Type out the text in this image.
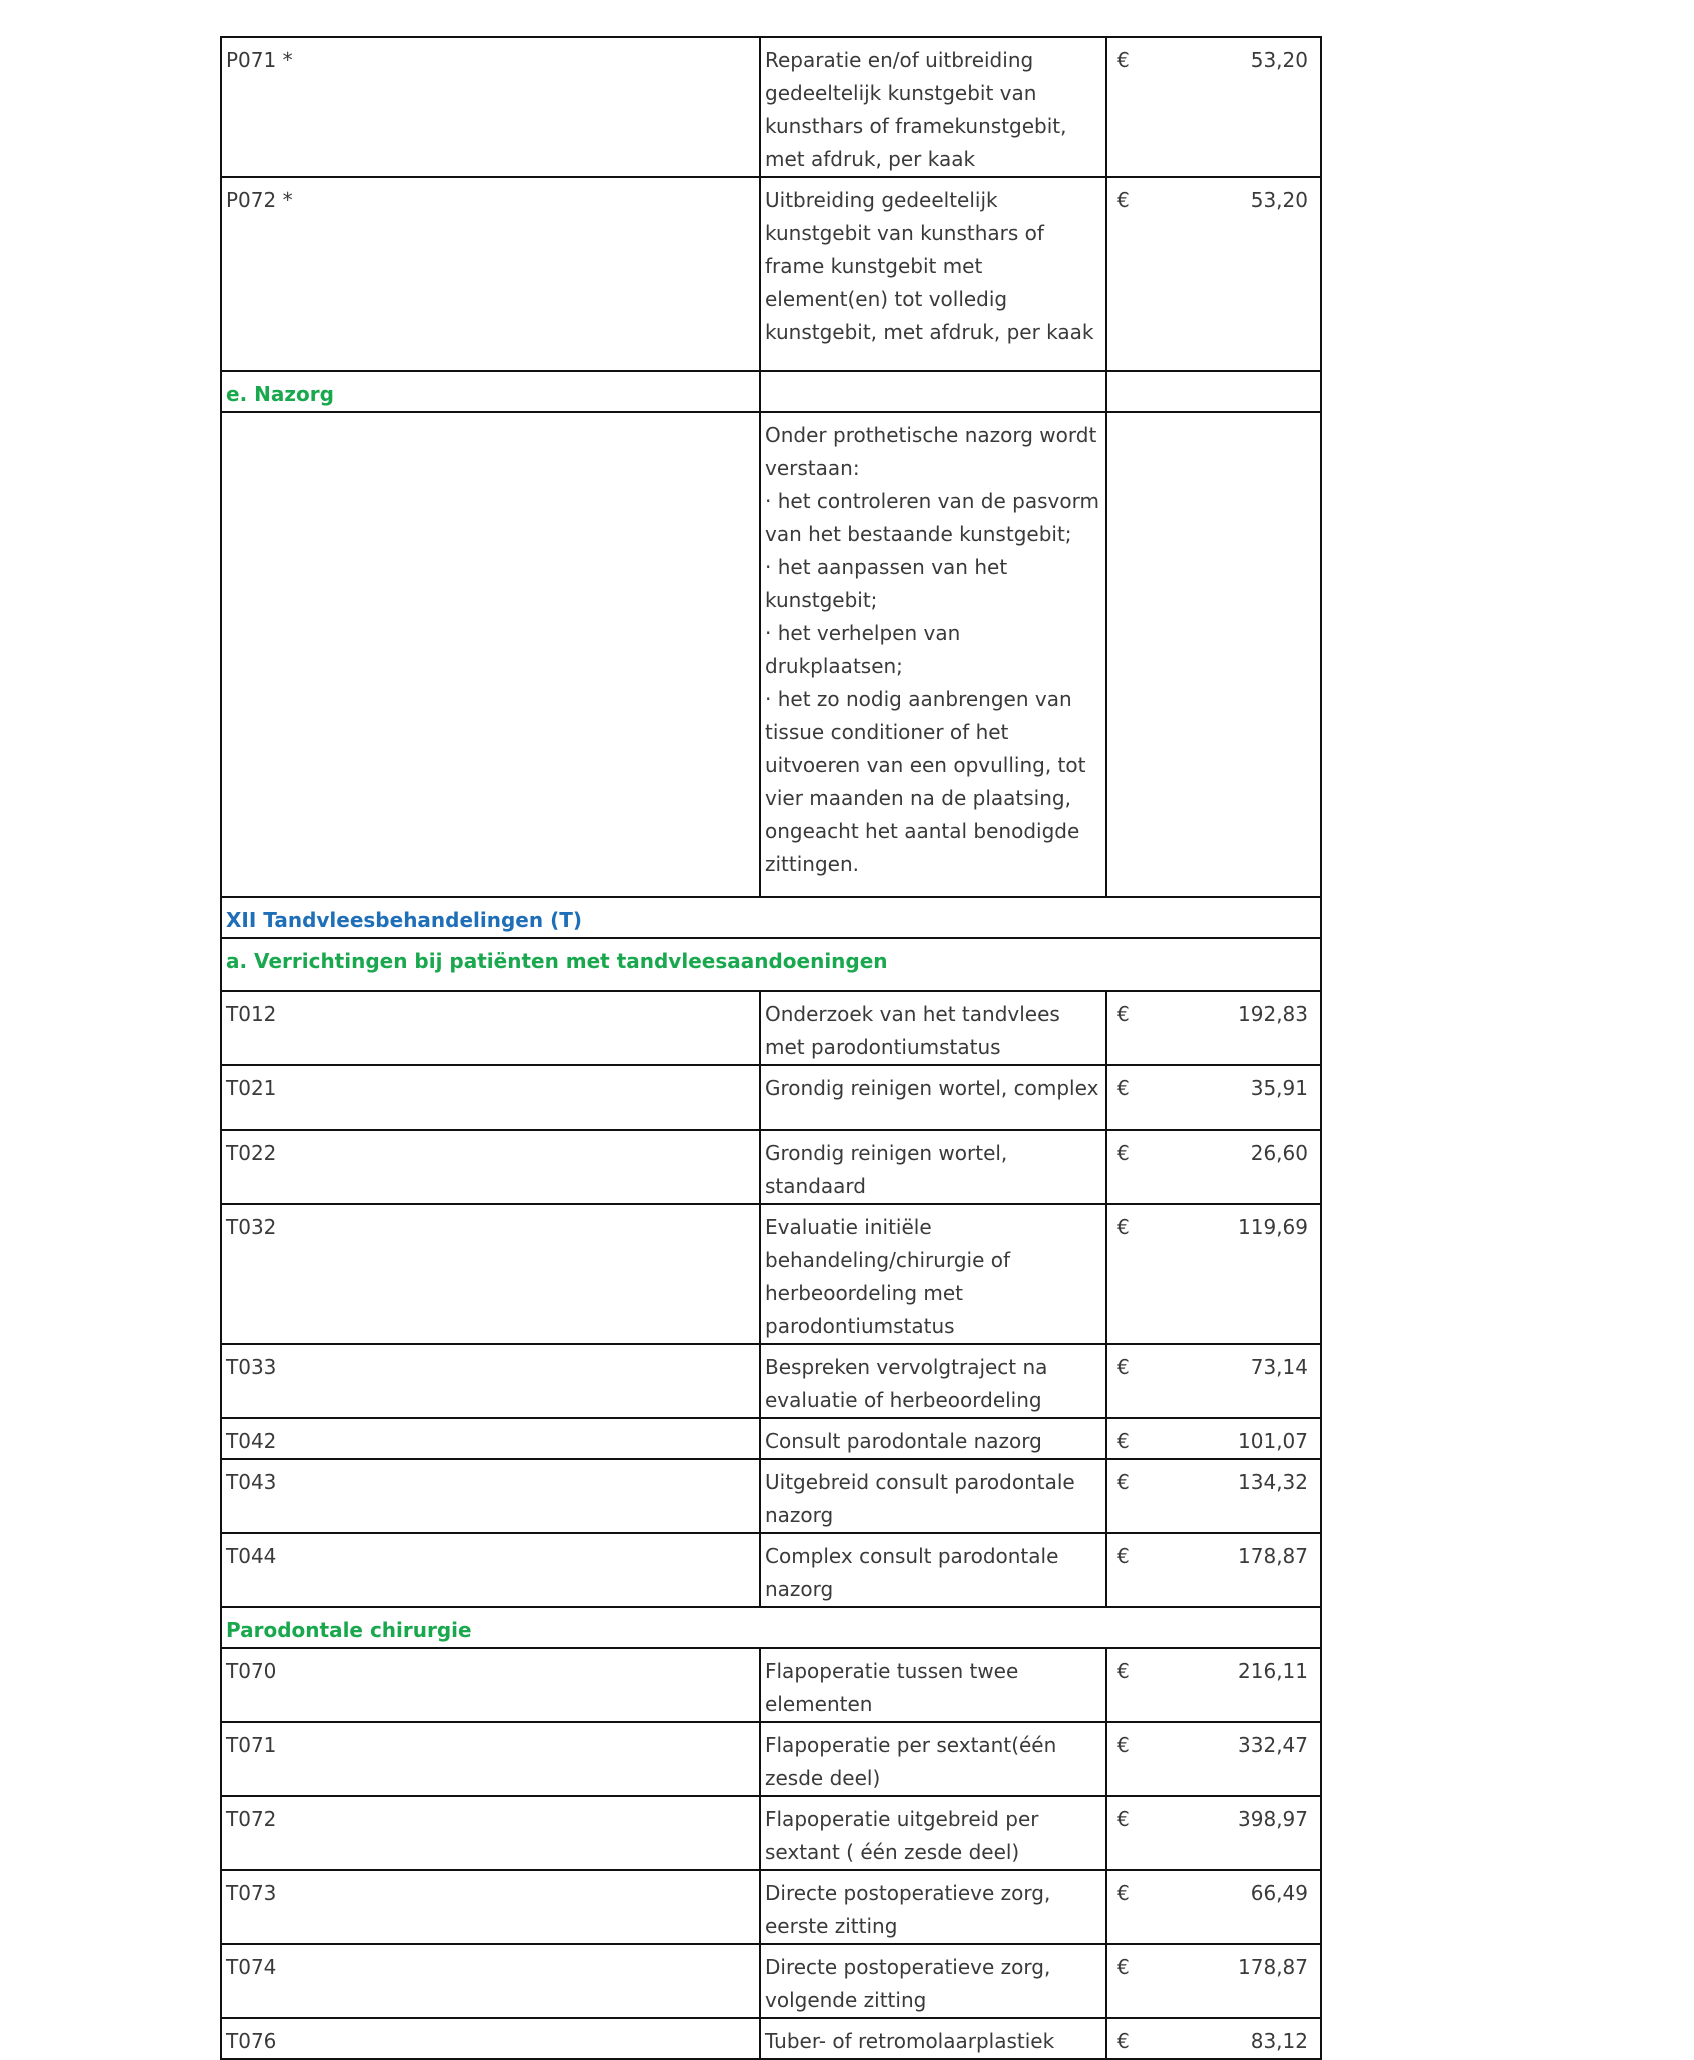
P071 *	Reparatie en/of uitbreiding gedeeltelijk kunstgebit van kunsthars of framekunstgebit, met afdruk, per kaak	€ 53,20

P072 *	Uitbreiding gedeeltelijk kunstgebit van kunsthars of frame kunstgebit met element(en) tot volledig kunstgebit, met afdruk, per kaak	€ 53,20

e. Nazorg		
	Onder prothetische nazorg wordt verstaan:
· het controleren van de pasvorm van het bestaande kunstgebit;
· het aanpassen van het kunstgebit;
· het verhelpen van drukplaatsen;
· het zo nodig aanbrengen van tissue conditioner of het uitvoeren van een opvulling, tot vier maanden na de plaatsing, ongeacht het aantal benodigde zittingen.

XII Tandvleesbehandelingen (T)		
a. Verrichtingen bij patiënten met tandvleesaandoeningen		
T012	Onderzoek van het tandvlees met parodontiumstatus	€ 192,83

T021	Grondig reinigen wortel, complex	€ 35,91

T022	Grondig reinigen wortel, standaard	€ 26,60

T032	Evaluatie initiële behandeling/chirurgie of herbeoordeling met parodontiumstatus	€ 119,69

T033	Bespreken vervolgtraject na evaluatie of herbeoordeling	€ 73,14

T042	Consult parodontale nazorg	€ 101,07

T043	Uitgebreid consult parodontale nazorg	€ 134,32

T044	Complex consult parodontale nazorg	€ 178,87

Parodontale chirurgie		
T070	Flapoperatie tussen twee elementen	€ 216,11

T071	Flapoperatie per sextant(één zesde deel)	€ 332,47

T072	Flapoperatie uitgebreid per sextant ( één zesde deel)	€ 398,97

T073	Directe postoperatieve zorg, eerste zitting	€ 66,49

T074	Directe postoperatieve zorg, volgende zitting	€ 178,87

T076	Tuber- of retromolaarplastiek	€ 83,12
